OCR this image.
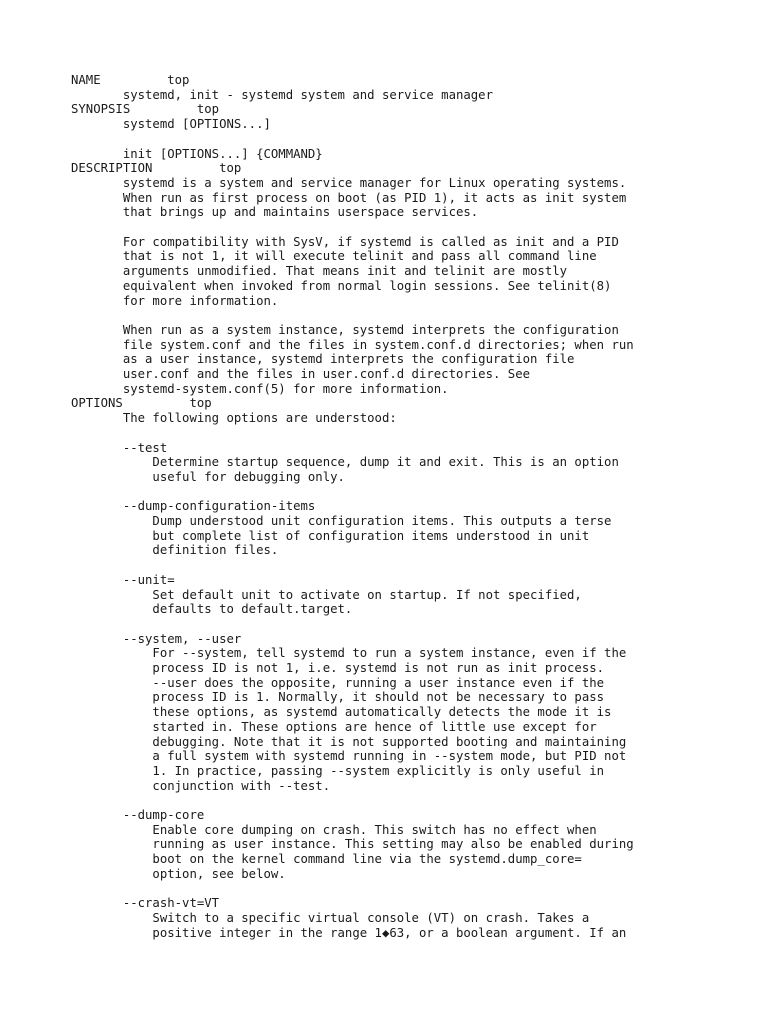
NAME         top
systemd, init - systemd system and service manager
SYNOPSIS         top
systemd [OPTIONS...]
init [OPTIONS...] {COMMAND}
DESCRIPTION         top
systemd is a system and service manager for Linux operating systems.
When run as first process on boot (as PID 1), it acts as init system
that brings up and maintains userspace services.
For compatibility with SysV, if systemd is called as init and a PID
that is not 1, it will execute telinit and pass all command line
arguments unmodified. That means init and telinit are mostly
equivalent when invoked from normal login sessions. See telinit(8)
for more information.
When run as a system instance, systemd interprets the configuration
file system.conf and the files in system.conf.d directories; when run
as a user instance, systemd interprets the configuration file
user.conf and the files in user.conf.d directories. See
systemd-system.conf(5) for more information.
OPTIONS         top
The following options are understood:
--test
Determine startup sequence, dump it and exit. This is an option
useful for debugging only.
--dump-configuration-items
Dump understood unit configuration items. This outputs a terse
but complete list of configuration items understood in unit
definition files.
--unit=
Set default unit to activate on startup. If not specified,
defaults to default.target.
--system, --user
For --system, tell systemd to run a system instance, even if the
process ID is not 1, i.e. systemd is not run as init process.
--user does the opposite, running a user instance even if the
process ID is 1. Normally, it should not be necessary to pass
these options, as systemd automatically detects the mode it is
started in. These options are hence of little use except for
debugging. Note that it is not supported booting and maintaining
a full system with systemd running in --system mode, but PID not
1. In practice, passing --system explicitly is only useful in
conjunction with --test.
--dump-core
Enable core dumping on crash. This switch has no effect when
running as user instance. This setting may also be enabled during
boot on the kernel command line via the systemd.dump_core=
option, see below.
--crash-vt=VT
Switch to a specific virtual console (VT) on crash. Takes a
positive integer in the range 1◆63, or a boolean argument. If an
